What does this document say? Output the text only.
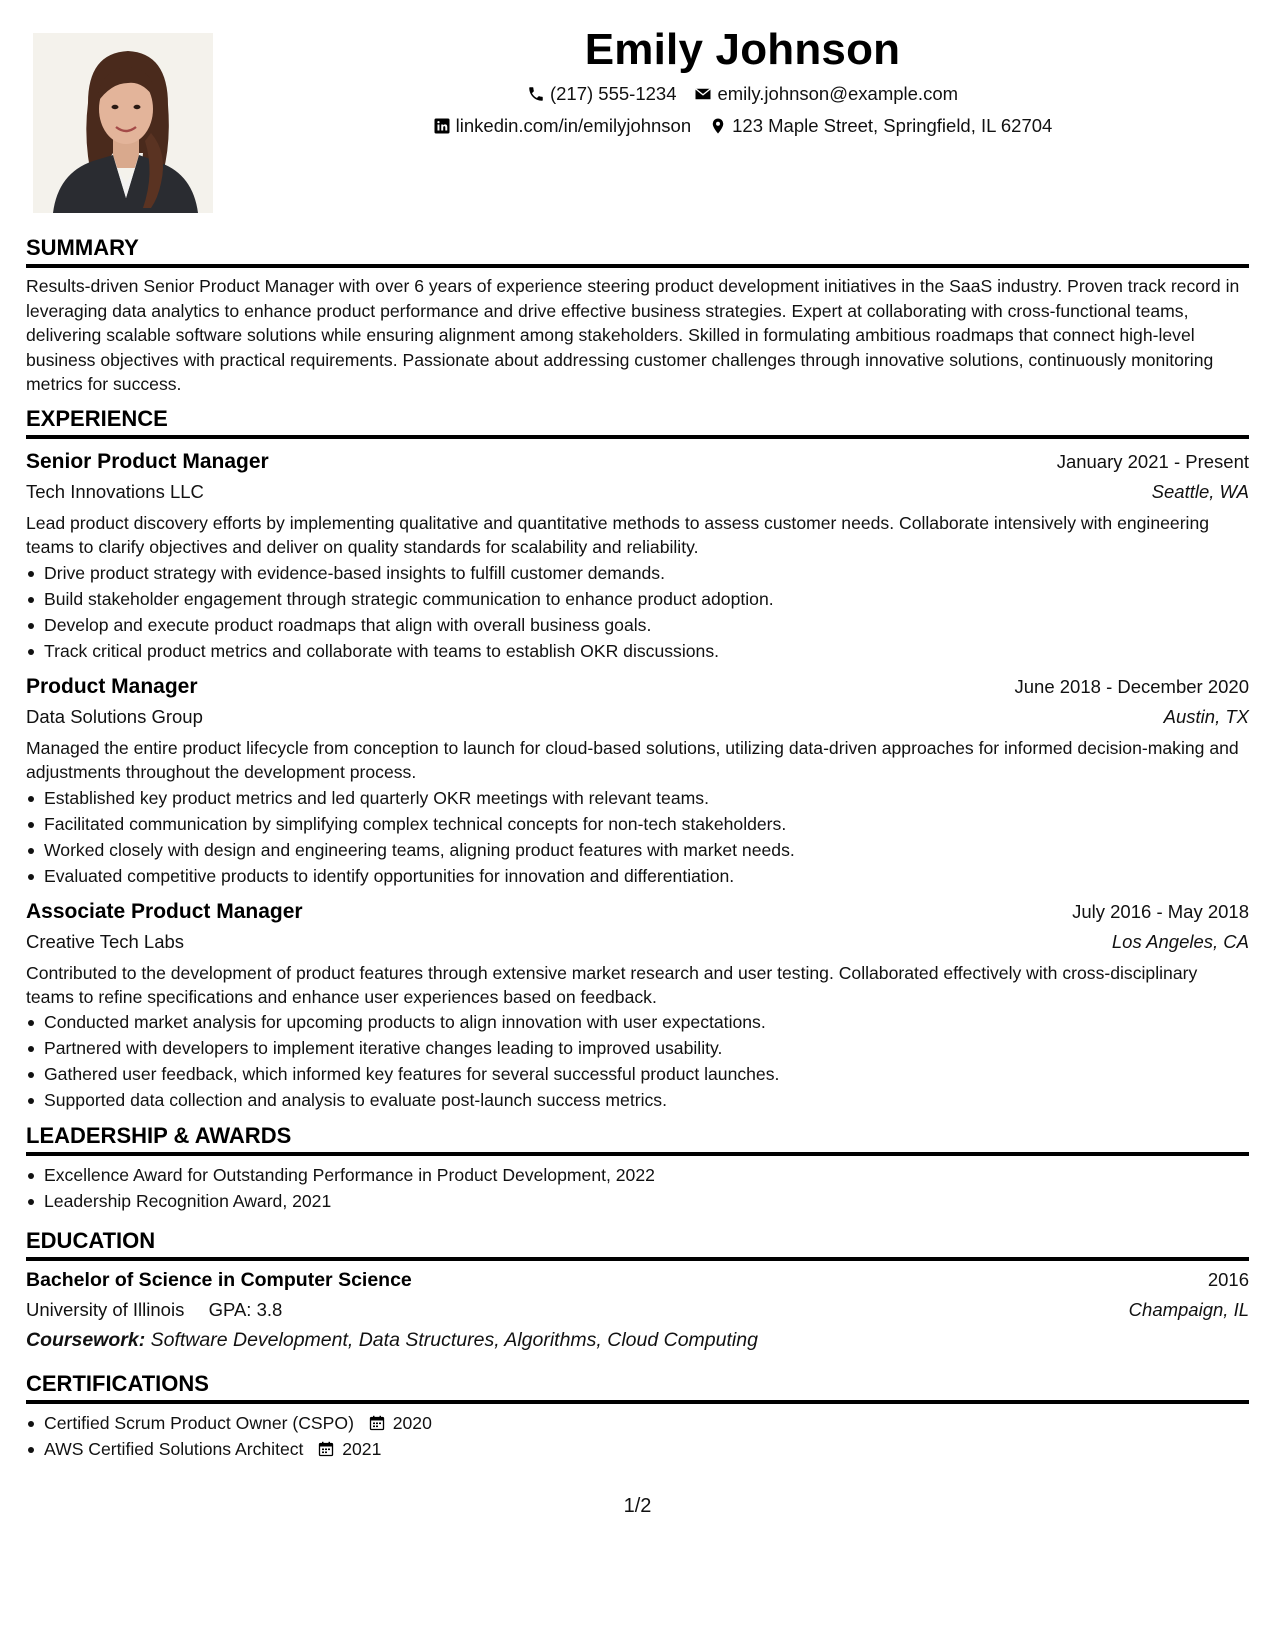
Emily Johnson
(217) 555-1234 emily.johnson@example.com
linkedin.com/in/emilyjohnson 123 Maple Street, Springfield, IL 62704
SUMMARY
Results-driven Senior Product Manager with over 6 years of experience steering product development initiatives in the SaaS industry. Proven track record in leveraging data analytics to enhance product performance and drive effective business strategies. Expert at collaborating with cross-functional teams, delivering scalable software solutions while ensuring alignment among stakeholders. Skilled in formulating ambitious roadmaps that connect high-level business objectives with practical requirements. Passionate about addressing customer challenges through innovative solutions, continuously monitoring metrics for success.
EXPERIENCE
Senior Product Manager	January 2021 - Present
Tech Innovations LLC	Seattle, WA
Lead product discovery efforts by implementing qualitative and quantitative methods to assess customer needs. Collaborate intensively with engineering teams to clarify objectives and deliver on quality standards for scalability and reliability.
Drive product strategy with evidence-based insights to fulfill customer demands.
Build stakeholder engagement through strategic communication to enhance product adoption.
Develop and execute product roadmaps that align with overall business goals.
Track critical product metrics and collaborate with teams to establish OKR discussions.
Product Manager	June 2018 - December 2020
Data Solutions Group	Austin, TX
Managed the entire product lifecycle from conception to launch for cloud-based solutions, utilizing data-driven approaches for informed decision-making and adjustments throughout the development process.
Established key product metrics and led quarterly OKR meetings with relevant teams.
Facilitated communication by simplifying complex technical concepts for non-tech stakeholders.
Worked closely with design and engineering teams, aligning product features with market needs.
Evaluated competitive products to identify opportunities for innovation and differentiation.
Associate Product Manager	July 2016 - May 2018
Creative Tech Labs	Los Angeles, CA
Contributed to the development of product features through extensive market research and user testing. Collaborated effectively with cross-disciplinary teams to refine specifications and enhance user experiences based on feedback.
Conducted market analysis for upcoming products to align innovation with user expectations.
Partnered with developers to implement iterative changes leading to improved usability.
Gathered user feedback, which informed key features for several successful product launches.
Supported data collection and analysis to evaluate post-launch success metrics.
LEADERSHIP & AWARDS
Excellence Award for Outstanding Performance in Product Development, 2022
Leadership Recognition Award, 2021
EDUCATION
Bachelor of Science in Computer Science	2016
University of Illinois GPA: 3.8	Champaign, IL
Coursework: Software Development, Data Structures, Algorithms, Cloud Computing
CERTIFICATIONS
Certified Scrum Product Owner (CSPO) 2020
AWS Certified Solutions Architect 2021
1/2
